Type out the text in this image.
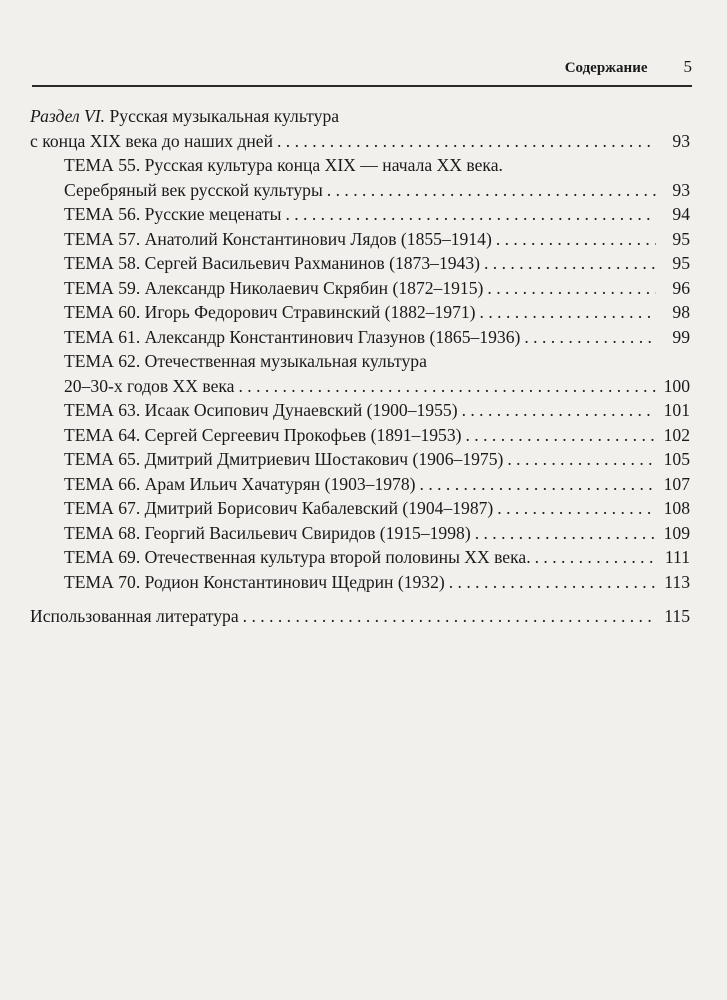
Содержание 5
Раздел VI. Русская музыкальная культура
с конца XIX века до наших дней . . .	93
ТЕМА 55. Русская культура конца XIX — начала XX века.
Серебряный век русской культуры . . .	93
ТЕМА 56. Русские меценаты . . .	94
ТЕМА 57. Анатолий Константинович Лядов (1855–1914) . . .	95
ТЕМА 58. Сергей Васильевич Рахманинов (1873–1943) . . .	95
ТЕМА 59. Александр Николаевич Скрябин (1872–1915) . . .	96
ТЕМА 60. Игорь Федорович Стравинский (1882–1971) . . .	98
ТЕМА 61. Александр Константинович Глазунов (1865–1936) . . .	99
ТЕМА 62. Отечественная музыкальная культура
20–30-х годов XX века . . .	100
ТЕМА 63. Исаак Осипович Дунаевский (1900–1955) . . .	101
ТЕМА 64. Сергей Сергеевич Прокофьев (1891–1953) . . .	102
ТЕМА 65. Дмитрий Дмитриевич Шостакович (1906–1975) . . .	105
ТЕМА 66. Арам Ильич Хачатурян (1903–1978) . . .	107
ТЕМА 67. Дмитрий Борисович Кабалевский (1904–1987) . . .	108
ТЕМА 68. Георгий Васильевич Свиридов (1915–1998) . . .	109
ТЕМА 69. Отечественная культура второй половины XX века. . . .	111
ТЕМА 70. Родион Константинович Щедрин (1932) . . .	113
Использованная литература . . .	115
